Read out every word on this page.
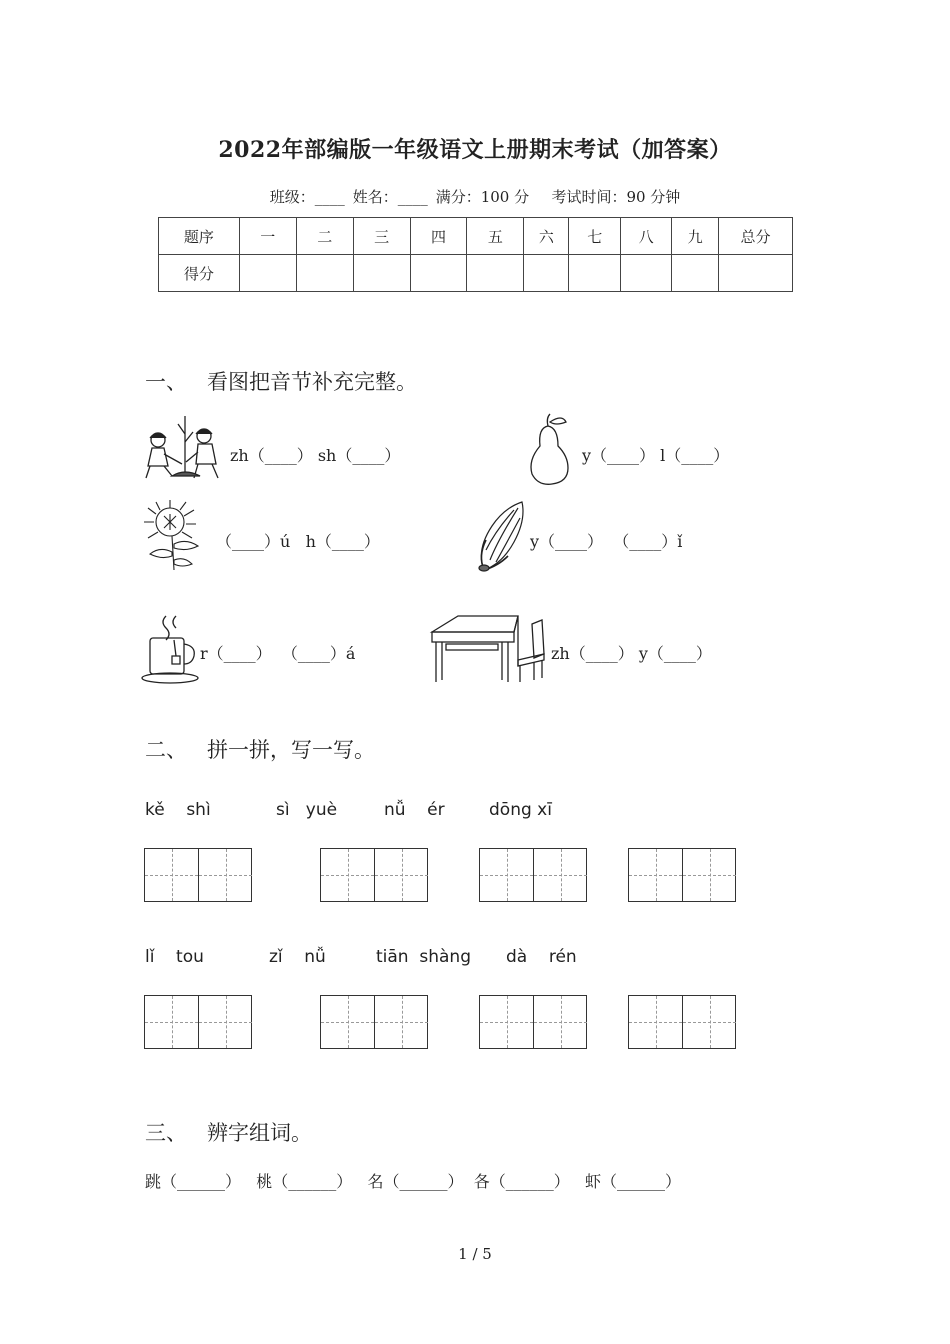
2022年部编版一年级语文上册期末考试（加答案）
班级：____ 姓名：____ 满分：100 分 考试时间：90 分钟
题序	一	二	三	四	五	六	七	八	九	总分
得分										
一、 看图把音节补充完整。
zh（____） sh（____）	y（____） l（____）
（____）ú   h（____）	y（____）  （____）ǐ
r（____）  （____）á	zh（____） y（____）
二、 拼一拼，写一写。
kě    shì	sì   yuè	nǚ    ér	dōng xī
lǐ    tou	zǐ    nǚ	tiān  shàng dà    rén
三、 辨字组词。
跳（______）   桃（______）   名（______）  各（______）   虾（______）
1 / 5
